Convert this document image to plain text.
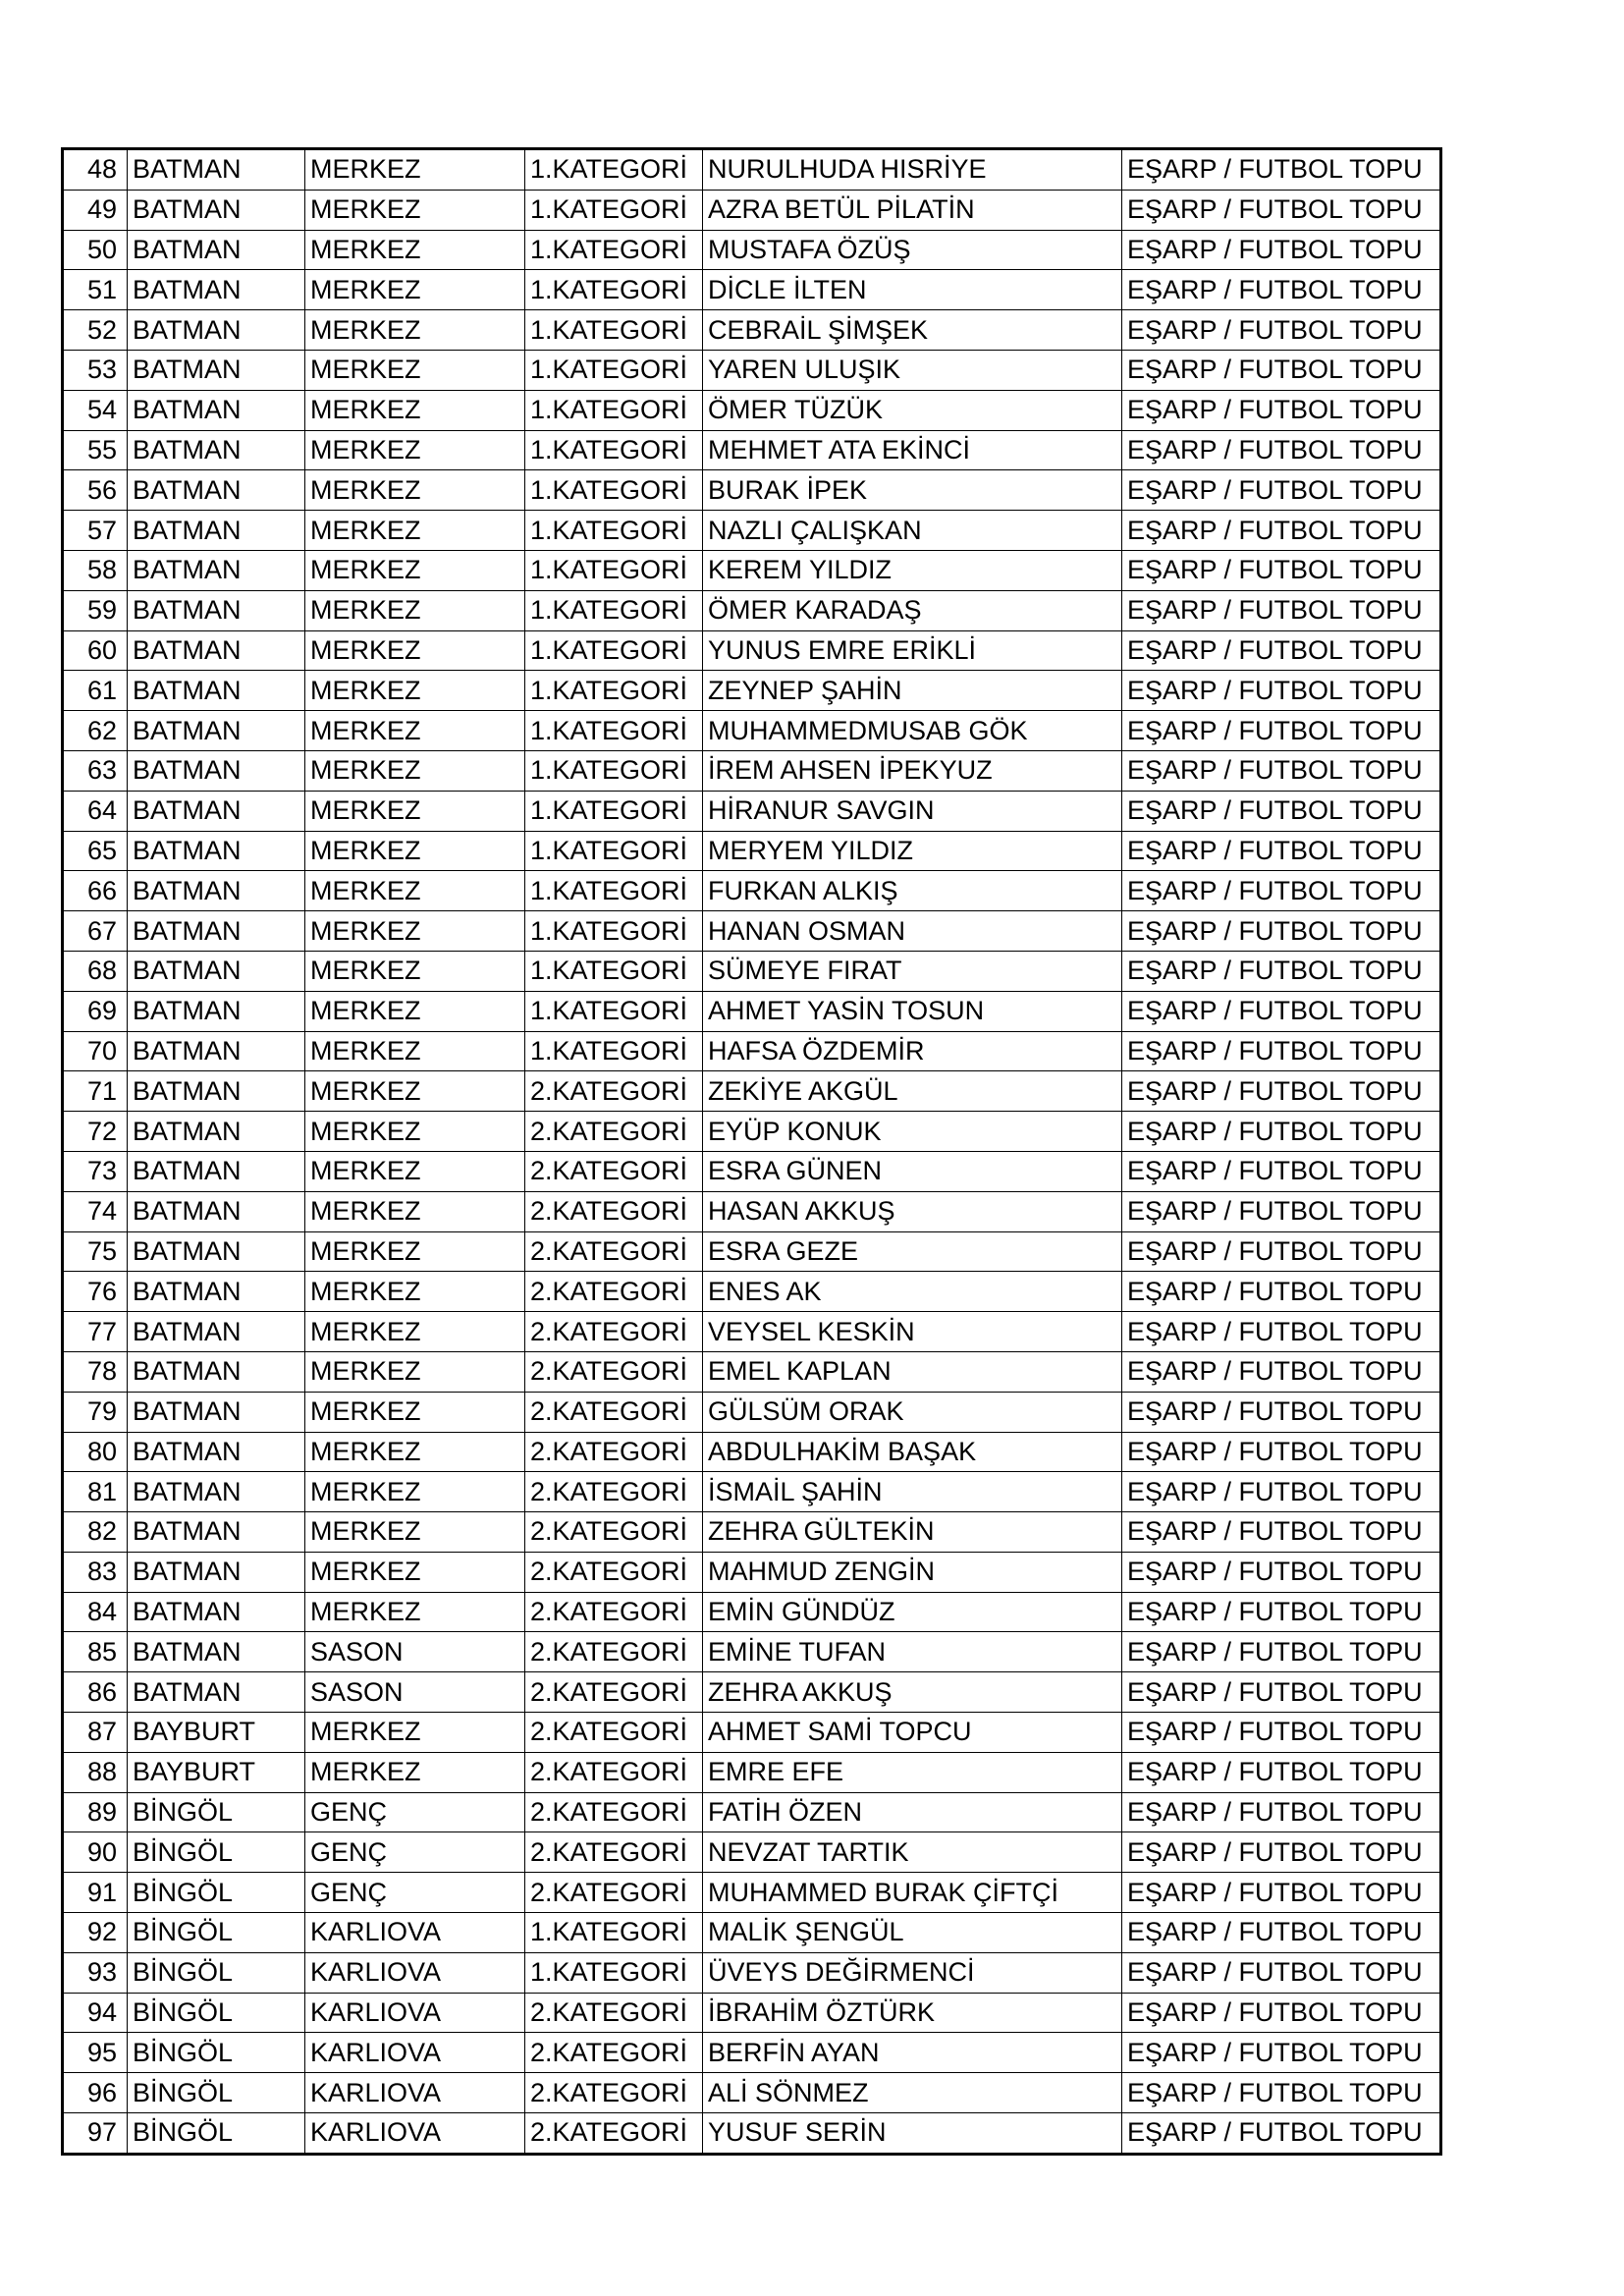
48	BATMAN	MERKEZ	1.KATEGORİ	NURULHUDA HISRİYE	EŞARP / FUTBOL TOPU
49	BATMAN	MERKEZ	1.KATEGORİ	AZRA BETÜL PİLATİN	EŞARP / FUTBOL TOPU
50	BATMAN	MERKEZ	1.KATEGORİ	MUSTAFA ÖZÜŞ	EŞARP / FUTBOL TOPU
51	BATMAN	MERKEZ	1.KATEGORİ	DİCLE İLTEN	EŞARP / FUTBOL TOPU
52	BATMAN	MERKEZ	1.KATEGORİ	CEBRAİL ŞİMŞEK	EŞARP / FUTBOL TOPU
53	BATMAN	MERKEZ	1.KATEGORİ	YAREN ULUŞIK	EŞARP / FUTBOL TOPU
54	BATMAN	MERKEZ	1.KATEGORİ	ÖMER TÜZÜK	EŞARP / FUTBOL TOPU
55	BATMAN	MERKEZ	1.KATEGORİ	MEHMET ATA EKİNCİ	EŞARP / FUTBOL TOPU
56	BATMAN	MERKEZ	1.KATEGORİ	BURAK İPEK	EŞARP / FUTBOL TOPU
57	BATMAN	MERKEZ	1.KATEGORİ	NAZLI ÇALIŞKAN	EŞARP / FUTBOL TOPU
58	BATMAN	MERKEZ	1.KATEGORİ	KEREM YILDIZ	EŞARP / FUTBOL TOPU
59	BATMAN	MERKEZ	1.KATEGORİ	ÖMER KARADAŞ	EŞARP / FUTBOL TOPU
60	BATMAN	MERKEZ	1.KATEGORİ	YUNUS EMRE ERİKLİ	EŞARP / FUTBOL TOPU
61	BATMAN	MERKEZ	1.KATEGORİ	ZEYNEP ŞAHİN	EŞARP / FUTBOL TOPU
62	BATMAN	MERKEZ	1.KATEGORİ	MUHAMMEDMUSAB GÖK	EŞARP / FUTBOL TOPU
63	BATMAN	MERKEZ	1.KATEGORİ	İREM AHSEN İPEKYUZ	EŞARP / FUTBOL TOPU
64	BATMAN	MERKEZ	1.KATEGORİ	HİRANUR SAVGIN	EŞARP / FUTBOL TOPU
65	BATMAN	MERKEZ	1.KATEGORİ	MERYEM YILDIZ	EŞARP / FUTBOL TOPU
66	BATMAN	MERKEZ	1.KATEGORİ	FURKAN ALKIŞ	EŞARP / FUTBOL TOPU
67	BATMAN	MERKEZ	1.KATEGORİ	HANAN OSMAN	EŞARP / FUTBOL TOPU
68	BATMAN	MERKEZ	1.KATEGORİ	SÜMEYE FIRAT	EŞARP / FUTBOL TOPU
69	BATMAN	MERKEZ	1.KATEGORİ	AHMET YASİN TOSUN	EŞARP / FUTBOL TOPU
70	BATMAN	MERKEZ	1.KATEGORİ	HAFSA ÖZDEMİR	EŞARP / FUTBOL TOPU
71	BATMAN	MERKEZ	2.KATEGORİ	ZEKİYE AKGÜL	EŞARP / FUTBOL TOPU
72	BATMAN	MERKEZ	2.KATEGORİ	EYÜP KONUK	EŞARP / FUTBOL TOPU
73	BATMAN	MERKEZ	2.KATEGORİ	ESRA GÜNEN	EŞARP / FUTBOL TOPU
74	BATMAN	MERKEZ	2.KATEGORİ	HASAN AKKUŞ	EŞARP / FUTBOL TOPU
75	BATMAN	MERKEZ	2.KATEGORİ	ESRA GEZE	EŞARP / FUTBOL TOPU
76	BATMAN	MERKEZ	2.KATEGORİ	ENES AK	EŞARP / FUTBOL TOPU
77	BATMAN	MERKEZ	2.KATEGORİ	VEYSEL KESKİN	EŞARP / FUTBOL TOPU
78	BATMAN	MERKEZ	2.KATEGORİ	EMEL KAPLAN	EŞARP / FUTBOL TOPU
79	BATMAN	MERKEZ	2.KATEGORİ	GÜLSÜM ORAK	EŞARP / FUTBOL TOPU
80	BATMAN	MERKEZ	2.KATEGORİ	ABDULHAKİM BAŞAK	EŞARP / FUTBOL TOPU
81	BATMAN	MERKEZ	2.KATEGORİ	İSMAİL ŞAHİN	EŞARP / FUTBOL TOPU
82	BATMAN	MERKEZ	2.KATEGORİ	ZEHRA GÜLTEKİN	EŞARP / FUTBOL TOPU
83	BATMAN	MERKEZ	2.KATEGORİ	MAHMUD ZENGİN	EŞARP / FUTBOL TOPU
84	BATMAN	MERKEZ	2.KATEGORİ	EMİN GÜNDÜZ	EŞARP / FUTBOL TOPU
85	BATMAN	SASON	2.KATEGORİ	EMİNE TUFAN	EŞARP / FUTBOL TOPU
86	BATMAN	SASON	2.KATEGORİ	ZEHRA AKKUŞ	EŞARP / FUTBOL TOPU
87	BAYBURT	MERKEZ	2.KATEGORİ	AHMET SAMİ TOPCU	EŞARP / FUTBOL TOPU
88	BAYBURT	MERKEZ	2.KATEGORİ	EMRE EFE	EŞARP / FUTBOL TOPU
89	BİNGÖL	GENÇ	2.KATEGORİ	FATİH ÖZEN	EŞARP / FUTBOL TOPU
90	BİNGÖL	GENÇ	2.KATEGORİ	NEVZAT TARTIK	EŞARP / FUTBOL TOPU
91	BİNGÖL	GENÇ	2.KATEGORİ	MUHAMMED BURAK ÇİFTÇİ	EŞARP / FUTBOL TOPU
92	BİNGÖL	KARLIOVA	1.KATEGORİ	MALİK ŞENGÜL	EŞARP / FUTBOL TOPU
93	BİNGÖL	KARLIOVA	1.KATEGORİ	ÜVEYS DEĞİRMENCİ	EŞARP / FUTBOL TOPU
94	BİNGÖL	KARLIOVA	2.KATEGORİ	İBRAHİM ÖZTÜRK	EŞARP / FUTBOL TOPU
95	BİNGÖL	KARLIOVA	2.KATEGORİ	BERFİN AYAN	EŞARP / FUTBOL TOPU
96	BİNGÖL	KARLIOVA	2.KATEGORİ	ALİ SÖNMEZ	EŞARP / FUTBOL TOPU
97	BİNGÖL	KARLIOVA	2.KATEGORİ	YUSUF SERİN	EŞARP / FUTBOL TOPU
